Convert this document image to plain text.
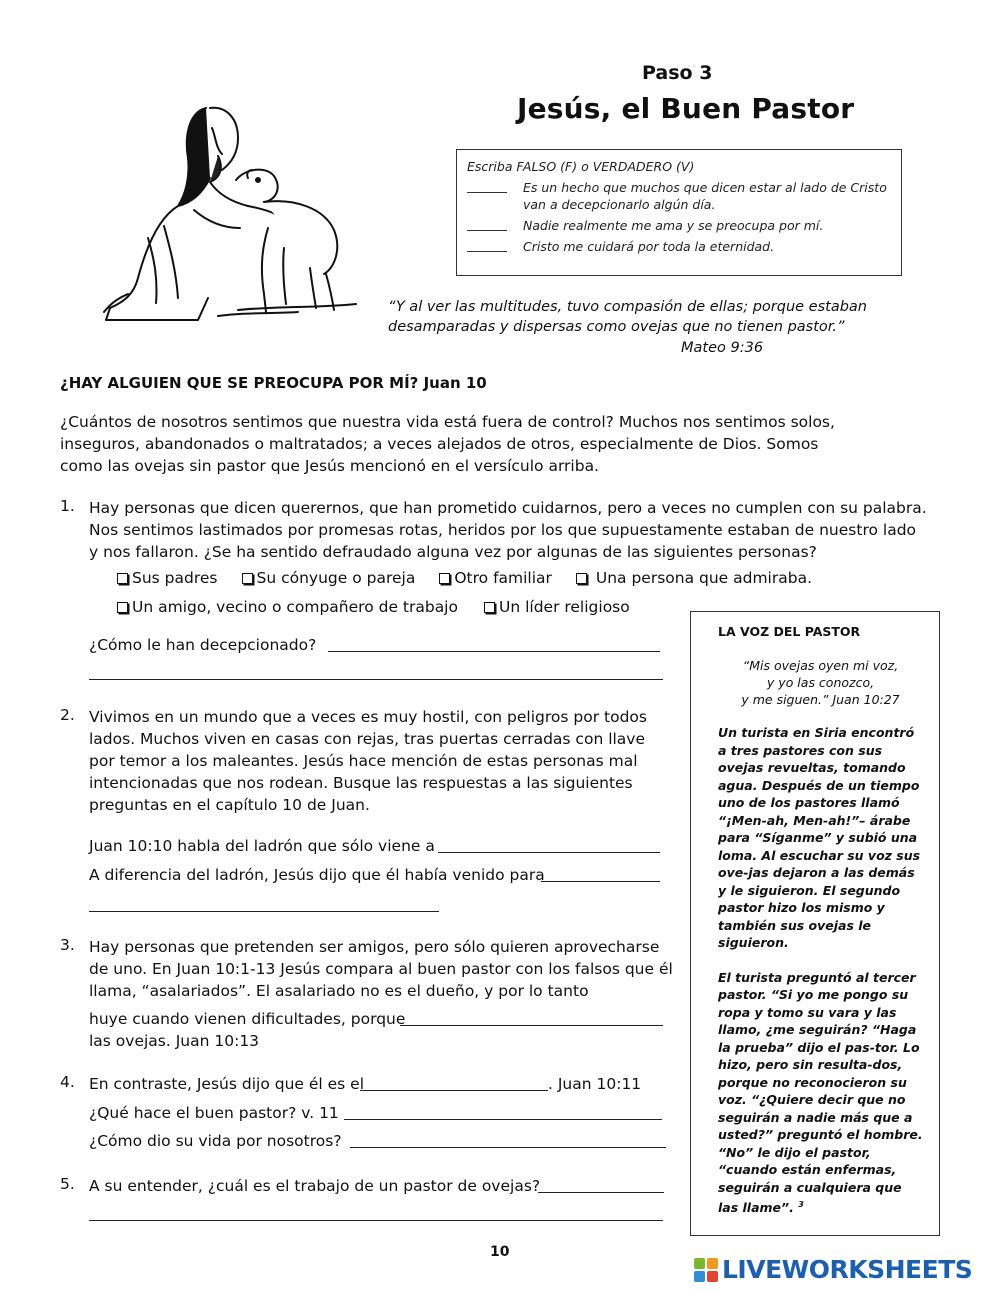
Paso 3
Jesús, el Buen Pastor
Escriba FALSO (F) o VERDADERO (V)
Es un hecho que muchos que dicen estar al lado de Cristo van a decepcionarlo algún día.
Nadie realmente me ama y se preocupa por mí.
Cristo me cuidará por toda la eternidad.
“Y al ver las multitudes, tuvo compasión de ellas; porque estaban desamparadas y dispersas como ovejas que no tienen pastor.”
Mateo 9:36
¿HAY ALGUIEN QUE SE PREOCUPA POR MÍ? Juan 10
¿Cuántos de nosotros sentimos que nuestra vida está fuera de control? Muchos nos sentimos solos, inseguros, abandonados o maltratados; a veces alejados de otros, especialmente de Dios. Somos como las ovejas sin pastor que Jesús mencionó en el versículo arriba.
1. Hay personas que dicen querernos, que han prometido cuidarnos, pero a veces no cumplen con su palabra. Nos sentimos lastimados por promesas rotas, heridos por los que supuestamente estaban de nuestro lado y nos fallaron. ¿Se ha sentido defraudado alguna vez por algunas de las siguientes personas?
Sus padres	Su cónyuge o pareja	Otro familiar	Una persona que admiraba.
Un amigo, vecino o compañero de trabajo	Un líder religioso
¿Cómo le han decepcionado?
2. Vivimos en un mundo que a veces es muy hostil, con peligros por todos lados. Muchos viven en casas con rejas, tras puertas cerradas con llave por temor a los maleantes. Jesús hace mención de estas personas mal intencionadas que nos rodean. Busque las respuestas a las siguientes preguntas en el capítulo 10 de Juan.
Juan 10:10 habla del ladrón que sólo viene a
A diferencia del ladrón, Jesús dijo que él había venido para
3. Hay personas que pretenden ser amigos, pero sólo quieren aprovecharse de uno. En Juan 10:1-13 Jesús compara al buen pastor con los falsos que él llama, “asalariados”. El asalariado no es el dueño, y por lo tanto
huye cuando vienen dificultades, porque
las ovejas. Juan 10:13
4. En contraste, Jesús dijo que él es el	. Juan 10:11
¿Qué hace el buen pastor? v. 11
¿Cómo dio su vida por nosotros?
5. A su entender, ¿cuál es el trabajo de un pastor de ovejas?
LA VOZ DEL PASTOR
“Mis ovejas oyen mi voz,
y yo las conozco,
y me siguen.” Juan 10:27

Un turista en Siria encontró a tres pastores con sus ovejas revueltas, tomando agua. Después de un tiempo uno de los pastores llamó “¡Men-ah, Men-ah!”– árabe para “Síganme” y subió una loma. Al escuchar su voz sus ove-jas dejaron a las demás y le siguieron. El segundo pastor hizo los mismo y también sus ovejas le siguieron.

El turista preguntó al tercer pastor. “Si yo me pongo su ropa y tomo su vara y las llamo, ¿me seguirán? “Haga la prueba” dijo el pas-tor. Lo hizo, pero sin resulta-dos, porque no reconocieron su voz. “¿Quiere decir que no seguirán a nadie más que a usted?” preguntó el hombre. “No” le dijo el pastor, “cuando están enfermas, seguirán a cualquiera que las llame”. $^3$

10
LIVEWORKSHEETS
